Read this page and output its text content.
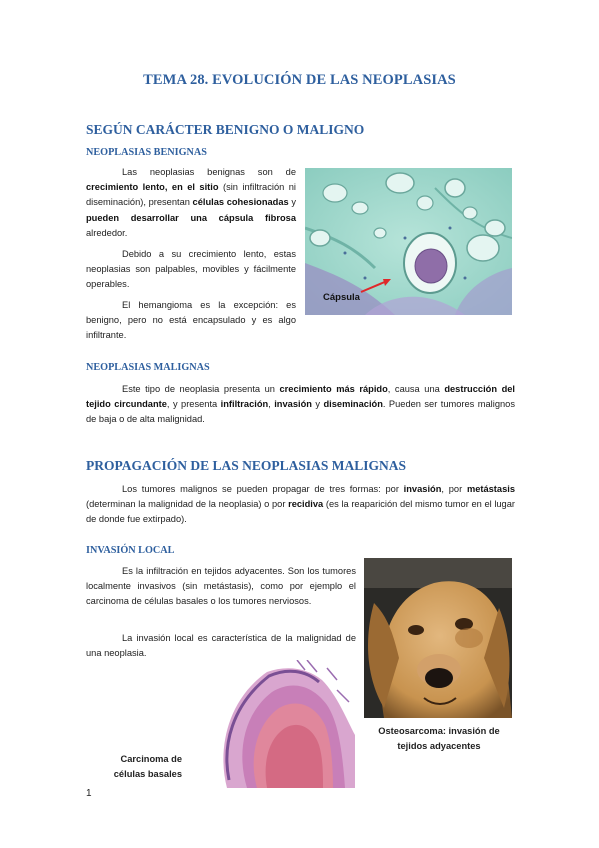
TEMA 28. EVOLUCIÓN DE LAS NEOPLASIAS
SEGÚN CARÁCTER BENIGNO O MALIGNO
NEOPLASIAS BENIGNAS
Las neoplasias benignas son de crecimiento lento, en el sitio (sin infiltración ni diseminación), presentan células cohesionadas y pueden desarrollar una cápsula fibrosa alrededor.
Debido a su crecimiento lento, estas neoplasias son palpables, movibles y fácilmente operables.
El hemangioma es la excepción: es benigno, pero no está encapsulado y es algo infiltrante.
Cápsula
NEOPLASIAS MALIGNAS
Este tipo de neoplasia presenta un crecimiento más rápido, causa una destrucción del tejido circundante, y presenta infiltración, invasión y diseminación. Pueden ser tumores malignos de baja o de alta malignidad.
PROPAGACIÓN DE LAS NEOPLASIAS MALIGNAS
Los tumores malignos se pueden propagar de tres formas: por invasión, por metástasis (determinan la malignidad de la neoplasia) o por recidiva (es la reaparición del mismo tumor en el lugar de donde fue extirpado).
INVASIÓN LOCAL
Es la infiltración en tejidos adyacentes. Son los tumores localmente invasivos (sin metástasis), como por ejemplo el carcinoma de células basales o los tumores nerviosos.
La invasión local es característica de la malignidad de una neoplasia.
Osteosarcoma: invasión de tejidos adyacentes
Carcinoma de células basales
1
